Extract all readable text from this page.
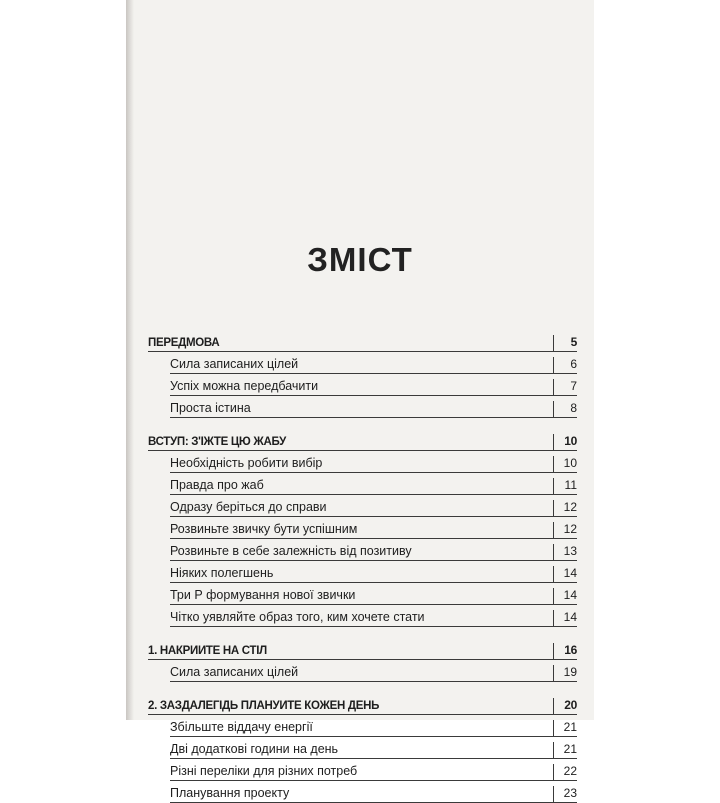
ЗМІСТ
ПЕРЕДМОВА	5
Сила записаних цілей	6
Успіх можна передбачити	7
Проста істина	8
ВСТУП: З'ЇЖТЕ ЦЮ ЖАБУ	10
Необхідність робити вибір	10
Правда про жаб	11
Одразу беріться до справи	12
Розвиньте звичку бути успішним	12
Розвиньте в себе залежність від позитиву	13
Ніяких полегшень	14
Три Р формування нової звички	14
Чітко уявляйте образ того, ким хочете стати	14
1. НАКРИЙТЕ НА СТІЛ	16
Сила записаних цілей	19
2. ЗАЗДАЛЕГІДЬ ПЛАНУЙТЕ КОЖЕН ДЕНЬ	20
Збільште віддачу енергії	21
Дві додаткові години на день	21
Різні переліки для різних потреб	22
Планування проекту	23
